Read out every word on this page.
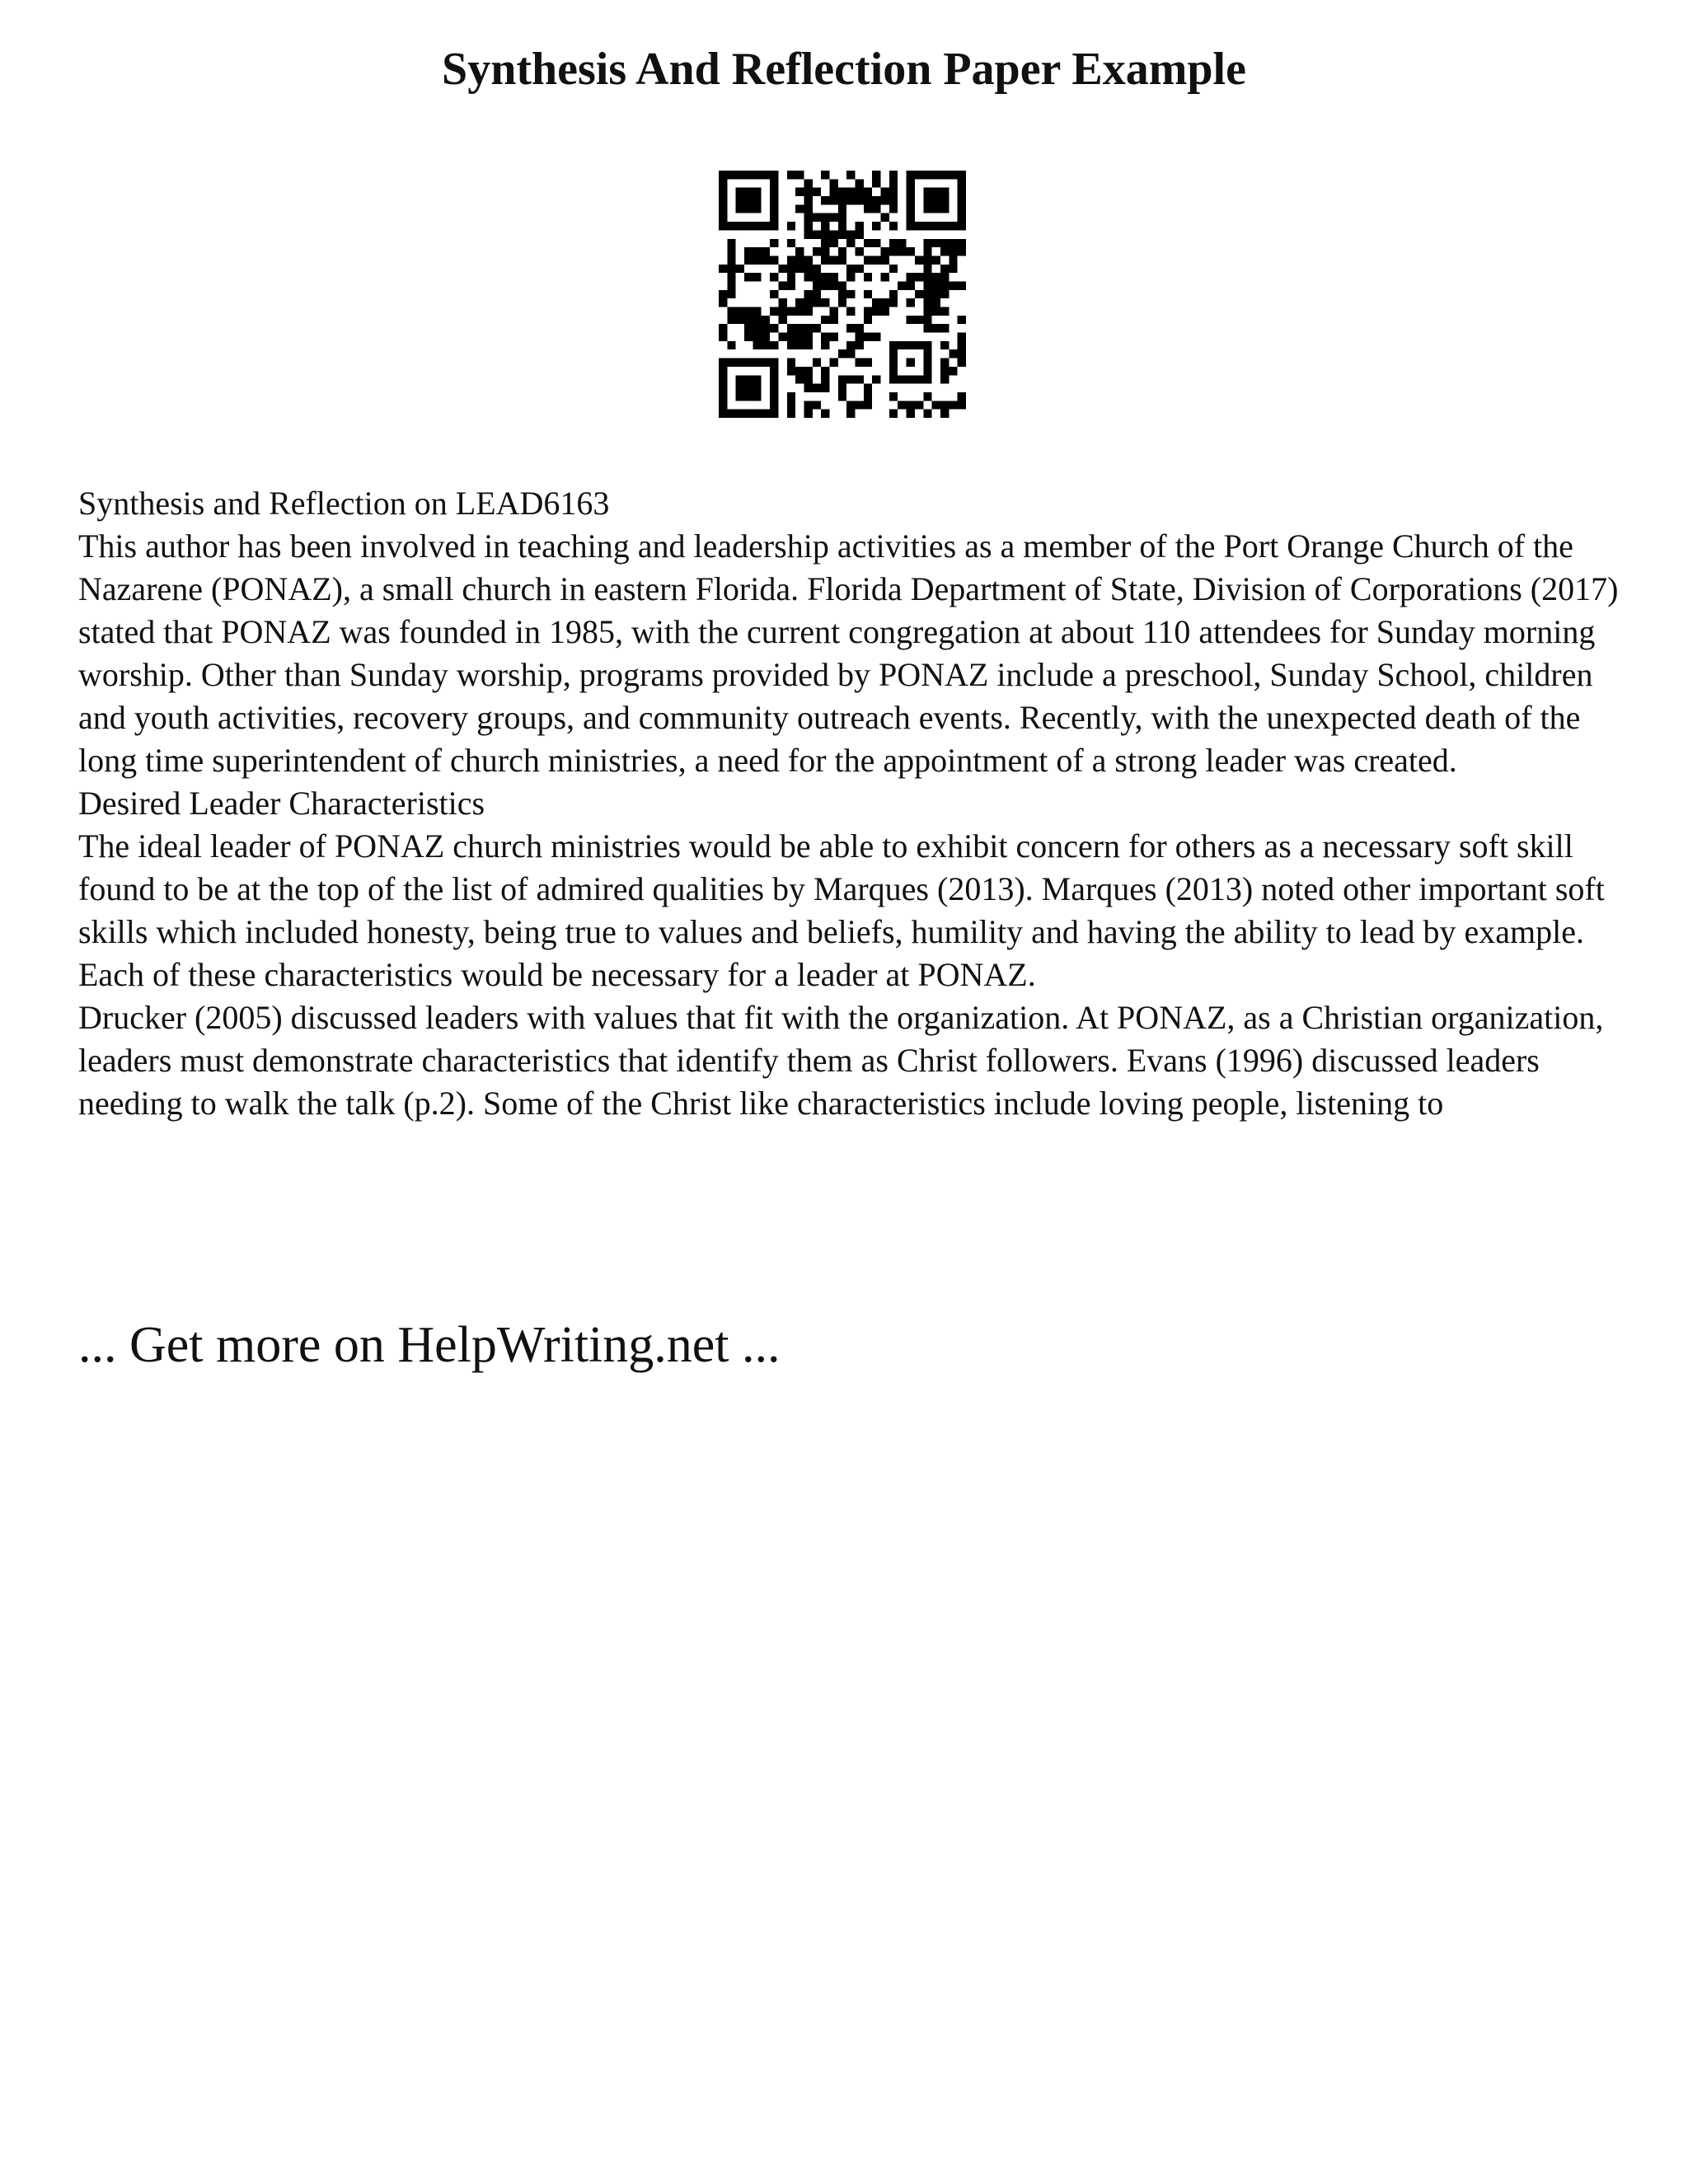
Synthesis And Reflection Paper Example

Synthesis and Reflection on LEAD6163

This author has been involved in teaching and leadership activities as a member of the Port Orange Church of the Nazarene (PONAZ), a small church in eastern Florida. Florida Department of State, Division of Corporations (2017) stated that PONAZ was founded in 1985, with the current congregation at about 110 attendees for Sunday morning worship. Other than Sunday worship, programs provided by PONAZ include a preschool, Sunday School, children and youth activities, recovery groups, and community outreach events. Recently, with the unexpected death of the long time superintendent of church ministries, a need for the appointment of a strong leader was created.

Desired Leader Characteristics

The ideal leader of PONAZ church ministries would be able to exhibit concern for others as a necessary soft skill found to be at the top of the list of admired qualities by Marques (2013). Marques (2013) noted other important soft skills which included honesty, being true to values and beliefs, humility and having the ability to lead by example. Each of these characteristics would be necessary for a leader at PONAZ.

Drucker (2005) discussed leaders with values that fit with the organization. At PONAZ, as a Christian organization, leaders must demonstrate characteristics that identify them as Christ followers. Evans (1996) discussed leaders needing to walk the talk (p.2). Some of the Christ like characteristics include loving people, listening to

... Get more on HelpWriting.net ...
